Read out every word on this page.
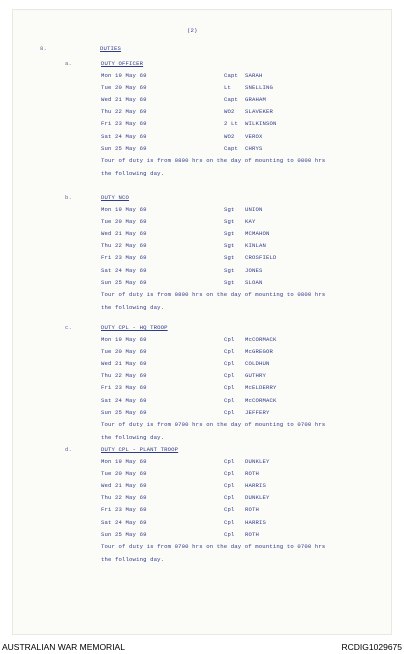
(2)
8.	DUTIES
a.	DUTY OFFICER
Mon 19 May 69	Capt SARAH
Tue 20 May 69	Lt SNELLING
Wed 21 May 69	Capt GRAHAM
Thu 22 May 69	WO2 SLAVEKER
Fri 23 May 69	2 Lt WILKINSON
Sat 24 May 69	WO2 VEROX
Sun 25 May 69	Capt CHRYS
Tour of duty is from 0800 hrs on the day of mounting to 0800 hrs
the following day.
b.	DUTY NCO
Mon 19 May 69	Sgt UNION
Tue 20 May 69	Sgt KAY
Wed 21 May 69	Sgt MCMAHON
Thu 22 May 69	Sgt KINLAN
Fri 23 May 69	Sgt CROSFIELD
Sat 24 May 69	Sgt JONES
Sun 25 May 69	Sgt SLOAN
Tour of duty is from 0800 hrs on the day of mounting to 0800 hrs
the following day.
c.	DUTY CPL - HQ TROOP
Mon 19 May 69	Cpl McCORMACK
Tue 20 May 69	Cpl McGREGOR
Wed 21 May 69	Cpl COLDHUN
Thu 22 May 69	Cpl GUTHRY
Fri 23 May 69	Cpl McELDERRY
Sat 24 May 69	Cpl McCORMACK
Sun 25 May 69	Cpl JEFFERY
Tour of duty is from 0700 hrs on the day of mounting to 0700 hrs
the following day.
d.	DUTY CPL - PLANT TROOP
Mon 19 May 69	Cpl DUNKLEY
Tue 20 May 69	Cpl ROTH
Wed 21 May 69	Cpl HARRIS
Thu 22 May 69	Cpl DUNKLEY
Fri 23 May 69	Cpl ROTH
Sat 24 May 69	Cpl HARRIS
Sun 25 May 69	Cpl ROTH
Tour of duty is from 0700 hrs on the day of mounting to 0700 hrs
the following day.
AUSTRALIAN WAR MEMORIAL	RCDIG1029675
